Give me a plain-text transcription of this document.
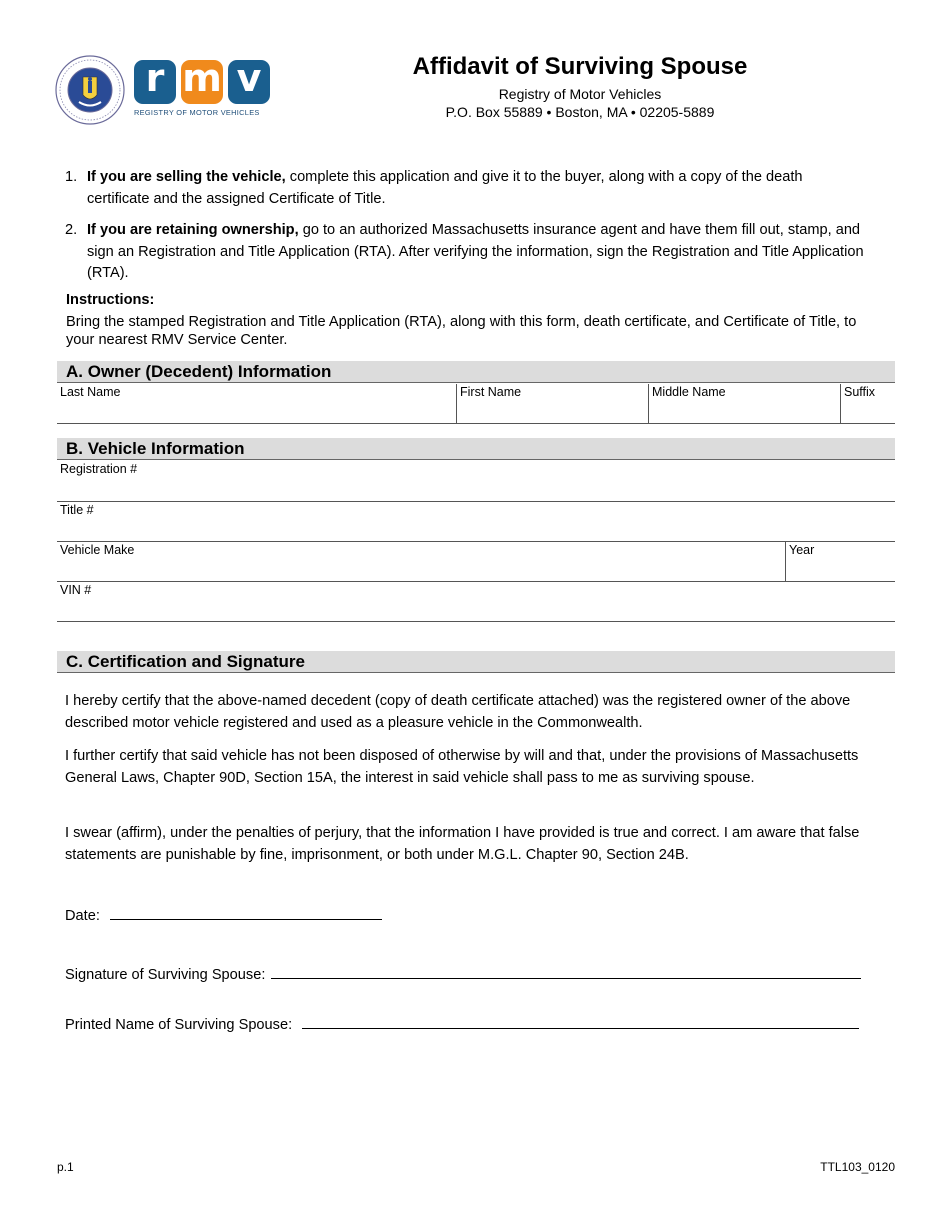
r m v
REGISTRY OF MOTOR VEHICLES
Affidavit of Surviving Spouse
Registry of Motor Vehicles
P.O. Box 55889 • Boston, MA • 02205-5889
1. If you are selling the vehicle, complete this application and give it to the buyer, along with a copy of the death certificate and the assigned Certificate of Title.
2. If you are retaining ownership, go to an authorized Massachusetts insurance agent and have them fill out, stamp, and sign an Registration and Title Application (RTA). After verifying the information, sign the Registration and Title Application (RTA).
Instructions:
Bring the stamped Registration and Title Application (RTA), along with this form, death certificate, and Certificate of Title, to your nearest RMV Service Center.
A. Owner (Decedent) Information
Last Name	First Name	Middle Name	Suffix
B. Vehicle Information
Registration #
Title #
Vehicle Make	Year
VIN #
C. Certification and Signature
I hereby certify that the above-named decedent (copy of death certificate attached) was the registered owner of the above described motor vehicle registered and used as a pleasure vehicle in the Commonwealth.
I further certify that said vehicle has not been disposed of otherwise by will and that, under the provisions of Massachusetts General Laws, Chapter 90D, Section 15A, the interest in said vehicle shall pass to me as surviving spouse.
I swear (affirm), under the penalties of perjury, that the information I have provided is true and correct. I am aware that false statements are punishable by fine, imprisonment, or both under M.G.L. Chapter 90, Section 24B.
Date:
Signature of Surviving Spouse:
Printed Name of Surviving Spouse:
p.1	TTL103_0120
